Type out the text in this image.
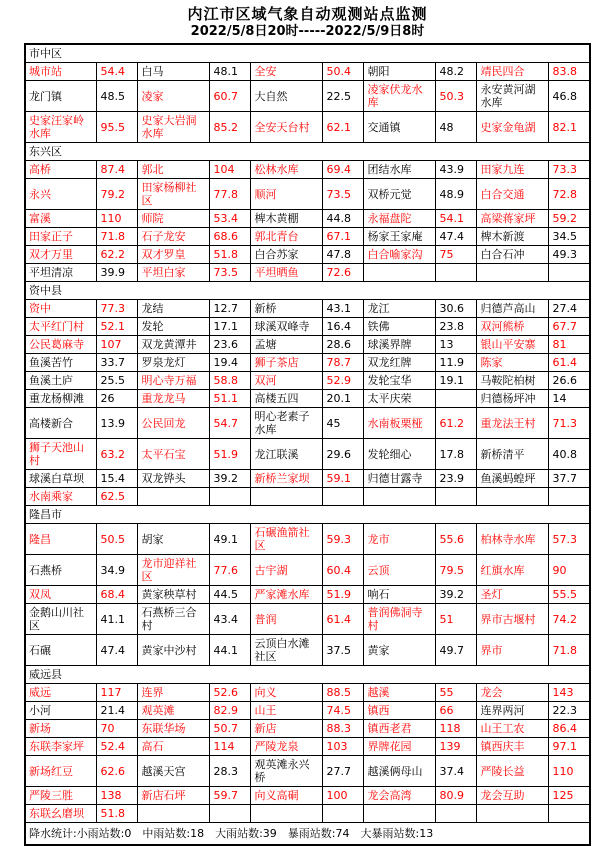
内江市区域气象自动观测站点监测
2022/5/8日20时-----2022/5/9日8时
市中区									
城市站	54.4	白马	48.1	全安	50.4	朝阳	48.2	靖民四合	83.8
龙门镇	48.5	凌家	60.7	大自然	22.5	凌家伏龙水库	50.3	永安黄河湖水库	46.8
史家汪家岭水库	95.5	史家大岩洞水库	85.2	全安天台村	62.1	交通镇	48	史家金龟湖	82.1
东兴区									
高桥	87.4	郭北	104	松林水库	69.4	团结水库	43.9	田家九连	73.3
永兴	79.2	田家杨柳社区	77.8	顺河	73.5	双桥元觉	48.9	白合交通	72.8
富溪	110	师院	53.4	椑木黄棚	44.8	永福盘陀	54.1	高梁蒋家坪	59.2
田家正子	71.8	石子龙安	68.6	郭北青台	67.1	杨家王家庵	47.4	椑木新渡	34.5
双才万里	62.2	双才罗皇	51.8	白合苏家	47.8	白合喻家沟	75	白合石冲	49.3
平坦清凉	39.9	平坦白家	73.5	平坦晒鱼	72.6				
资中县									
资中	77.3	龙结	12.7	新桥	43.1	龙江	30.6	归德芦高山	27.4
太平红门村	52.1	发轮	17.1	球溪双峰寺	16.4	铁佛	23.8	双河熊桥	67.7
公民葛麻寺	107	双龙黄潭井	23.6	孟塘	28.6	球溪界牌	13	银山平安寨	81
鱼溪苦竹	33.7	罗泉龙灯	19.4	狮子茶店	78.7	双龙红牌	11.9	陈家	61.4
鱼溪土庐	25.5	明心寺万福	58.8	双河	52.9	发轮宝华	19.1	马鞍陀柏树	26.6
重龙杨柳滩	26	重龙龙马	51.1	高楼五四	20.1	太平庆荣		归德杨坪冲	14
高楼新合	13.9	公民回龙	54.7	明心老素子水库	45	水南板栗桠	61.2	重龙法王村	71.3
狮子天池山村	63.2	太平石宝	51.9	龙江联溪	29.6	发轮细心	17.8	新桥清平	40.8
球溪白草坝	15.4	双龙铧头	39.2	新桥兰家坝	59.1	归德甘露寺	23.9	鱼溪蚂蝗坪	37.7
水南乘家	62.5								
隆昌市									
隆昌	50.5	胡家	49.1	石碾渔箭社区	59.3	龙市	55.6	柏林寺水库	57.3
石燕桥	34.9	龙市迎祥社区	77.6	古宇湖	60.4	云顶	79.5	红旗水库	90
双凤	68.4	黄家秧草村	44.5	严家滩水库	51.9	响石	39.2	圣灯	55.5
金鹅山川社区	41.1	石燕桥三合村	43.4	普润	61.4	普润佛洞寺村	51	界市古堰村	74.2
石碾	47.4	黄家中沙村	44.1	云顶白水滩社区	37.5	黄家	49.7	界市	71.8
威远县									
威远	117	连界	52.6	向义	88.5	越溪	55	龙会	143
小河	21.4	观英滩	82.9	山王	74.5	镇西	66	连界两河	22.3
新场	70	东联华场	50.7	新店	88.3	镇西老君	118	山王工农	86.4
东联李家坪	52.4	高石	114	严陵龙泉	103	界牌花园	139	镇西庆丰	97.1
新场红豆	62.6	越溪天宫	28.3	观英滩永兴桥	27.7	越溪俩母山	37.4	严陵长益	110
严陵三胜	138	新店石坪	59.7	向义高硐	100	龙会高湾	80.9	龙会互助	125
东联幺磨坝	51.8								
降水统计:小雨站数:0　中雨站数:18　大雨站数:39　暴雨站数:74　大暴雨站数:13									
